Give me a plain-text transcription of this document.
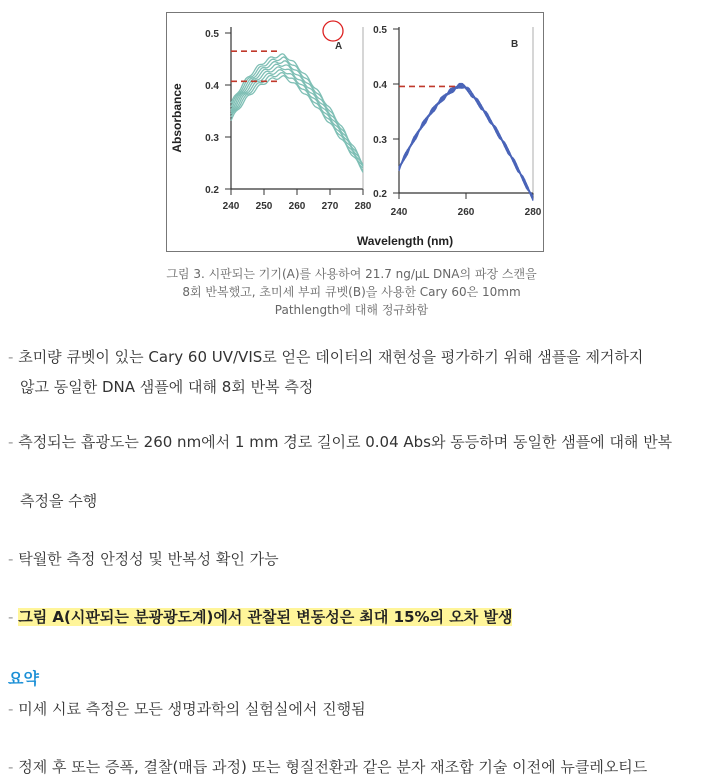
Absorbance
0.5
0.4
0.3
0.2
240 250 260 270 280
A
0.5
0.4
0.3
0.2
240	260	280
B
Wavelength (nm)
그림 3. 시판되는 기기(A)를 사용하여 21.7 ng/µL DNA의 파장 스캔을
8회 반복했고, 초미세 부피 큐벳(B)을 사용한 Cary 60은 10mm
Pathlength에 대해 정규화함
- 초미량 큐벳이 있는 Cary 60 UV/VIS로 얻은 데이터의 재현성을 평가하기 위해 샘플을 제거하지
않고 동일한 DNA 샘플에 대해 8회 반복 측정
- 측정되는 흡광도는 260 nm에서 1 mm 경로 길이로 0.04 Abs와 동등하며 동일한 샘플에 대해 반복
측정을 수행
- 탁월한 측정 안정성 및 반복성 확인 가능
- 그림 A(시판되는 분광광도계)에서 관찰된 변동성은 최대 15%의 오차 발생
요약
- 미세 시료 측정은 모든 생명과학의 실험실에서 진행됨
- 정제 후 또는 증폭, 결찰(매듭 과정) 또는 형질전환과 같은 분자 재조합 기술 이전에 뉴클레오티드
